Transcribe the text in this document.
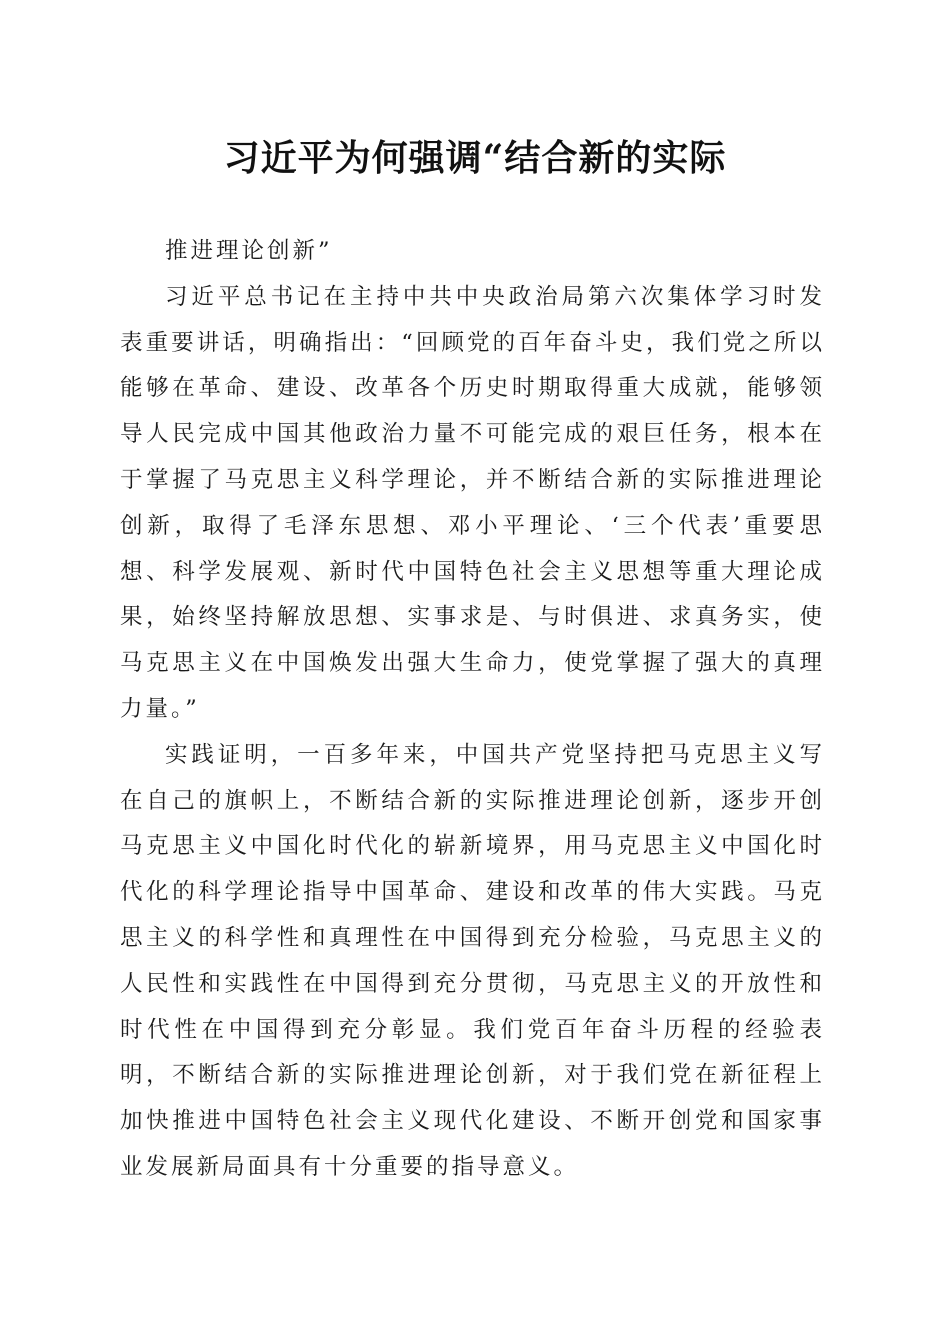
习近平为何强调“结合新的实际

推进理论创新”

习近平总书记在主持中共中央政治局第六次集体学习时发表重要讲话，明确指出：“回顾党的百年奋斗史，我们党之所以能够在革命、建设、改革各个历史时期取得重大成就，能够领导人民完成中国其他政治力量不可能完成的艰巨任务，根本在于掌握了马克思主义科学理论，并不断结合新的实际推进理论创新，取得了毛泽东思想、邓小平理论、‘三个代表’重要思想、科学发展观、新时代中国特色社会主义思想等重大理论成果，始终坚持解放思想、实事求是、与时俱进、求真务实，使马克思主义在中国焕发出强大生命力，使党掌握了强大的真理力量。”

实践证明，一百多年来，中国共产党坚持把马克思主义写在自己的旗帜上，不断结合新的实际推进理论创新，逐步开创马克思主义中国化时代化的崭新境界，用马克思主义中国化时代化的科学理论指导中国革命、建设和改革的伟大实践。马克思主义的科学性和真理性在中国得到充分检验，马克思主义的人民性和实践性在中国得到充分贯彻，马克思主义的开放性和时代性在中国得到充分彰显。我们党百年奋斗历程的经验表明，不断结合新的实际推进理论创新，对于我们党在新征程上加快推进中国特色社会主义现代化建设、不断开创党和国家事业发展新局面具有十分重要的指导意义。
